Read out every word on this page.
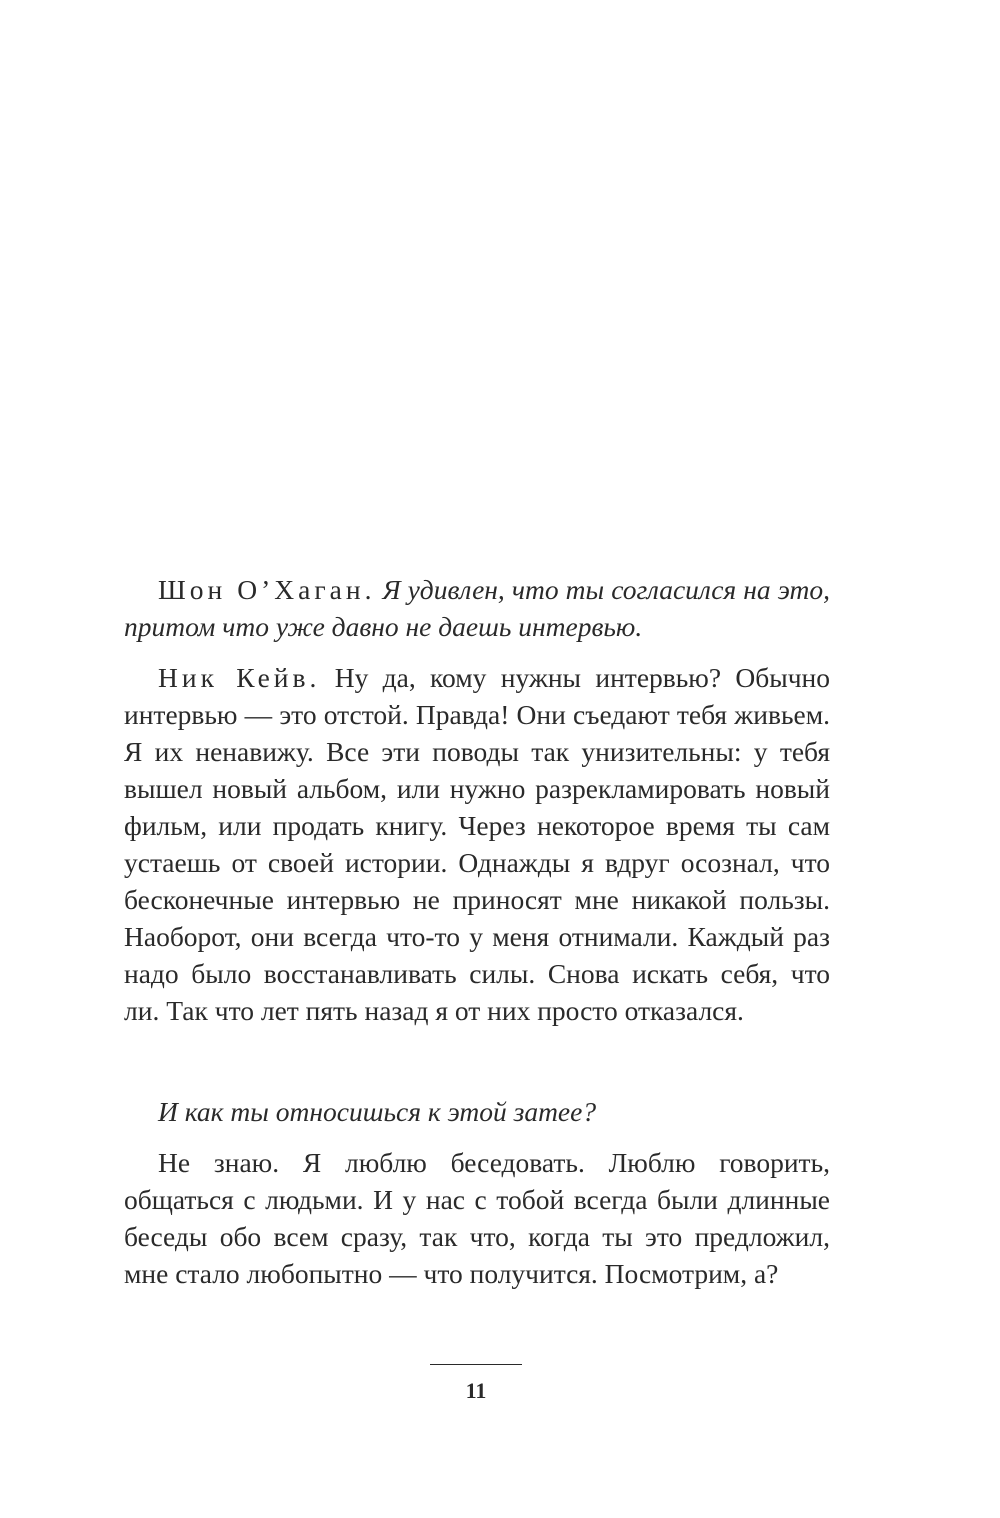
Шон О’Хаган. Я удивлен, что ты согласился на это, притом что уже давно не даешь интервью.

Ник Кейв. Ну да, кому нужны интервью? Обычно интервью — это отстой. Правда! Они съедают тебя живьем. Я их ненавижу. Все эти поводы так унизительны: у тебя вышел новый альбом, или нужно разрекламировать новый фильм, или продать книгу. Через некоторое время ты сам устаешь от своей истории. Однажды я вдруг осознал, что бесконечные интервью не приносят мне никакой пользы. Наоборот, они всегда что-то у меня отнимали. Каждый раз надо было восстанавливать силы. Снова искать себя, что ли. Так что лет пять назад я от них просто отказался.

И как ты относишься к этой затее?

Не знаю. Я люблю беседовать. Люблю говорить, общаться с людьми. И у нас с тобой всегда были длинные беседы обо всем сразу, так что, когда ты это предложил, мне стало любопытно — что получится. Посмотрим, а?

11
